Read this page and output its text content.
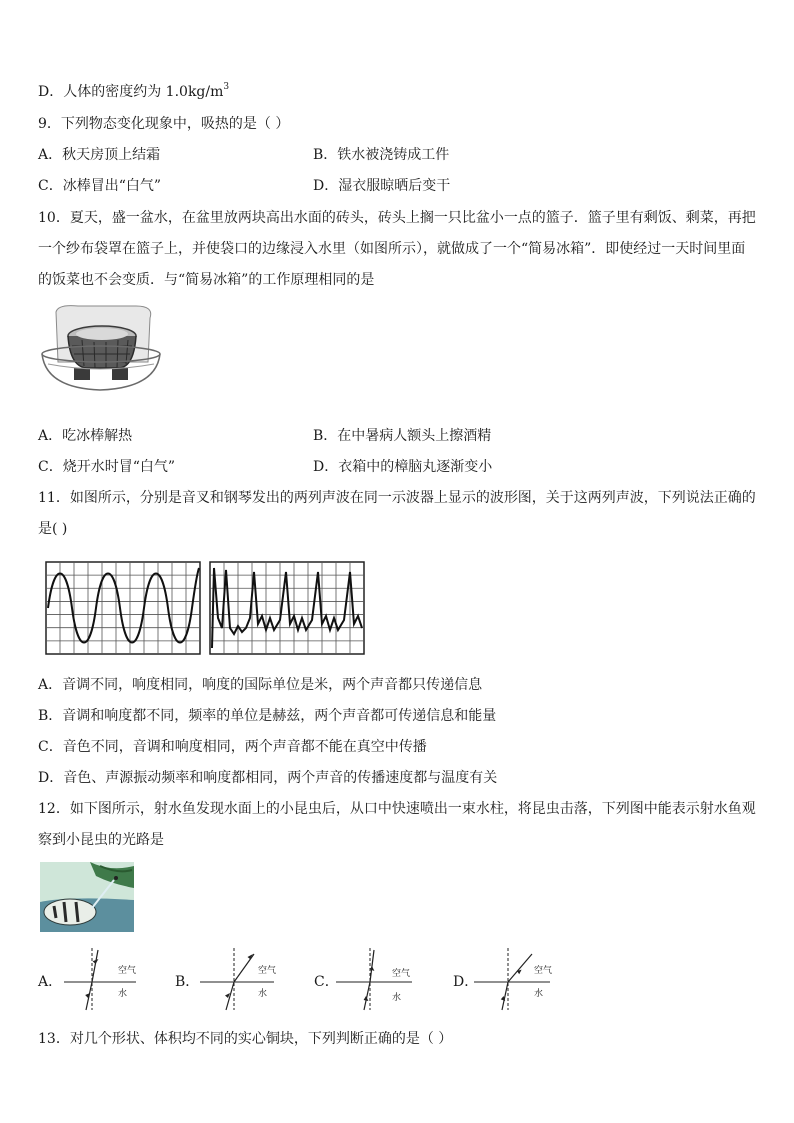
D．人体的密度约为 $1.0kg/m^3$
9．下列物态变化现象中，吸热的是（ ）
A．秋天房顶上结霜	B．铁水被浇铸成工件
C．冰棒冒出“白气”	D．湿衣服晾晒后变干
10．夏天，盛一盆水，在盆里放两块高出水面的砖头，砖头上搁一只比盆小一点的篮子．篮子里有剩饭、剩菜，再把
一个纱布袋罩在篮子上，并使袋口的边缘浸入水里（如图所示），就做成了一个“简易冰箱”．即使经过一天时间里面
的饭菜也不会变质．与“简易冰箱”的工作原理相同的是
A．吃冰棒解热	B．在中暑病人额头上擦酒精
C．烧开水时冒“白气”	D．衣箱中的樟脑丸逐渐变小
11．如图所示，分别是音叉和钢琴发出的两列声波在同一示波器上显示的波形图，关于这两列声波，下列说法正确的
是( )
A．音调不同，响度相同，响度的国际单位是米，两个声音都只传递信息
B．音调和响度都不同，频率的单位是赫兹，两个声音都可传递信息和能量
C．音色不同，音调和响度相同，两个声音都不能在真空中传播
D．音色、声源振动频率和响度都相同，两个声音的传播速度都与温度有关
12．如下图所示，射水鱼发现水面上的小昆虫后，从口中快速喷出一束水柱，将昆虫击落，下列图中能表示射水鱼观
察到小昆虫的光路是
A．
空气
水
B．
空气
水
C．	空气
水
D．
空气
水
13．对几个形状、体积均不同的实心铜块，下列判断正确的是（ ）
